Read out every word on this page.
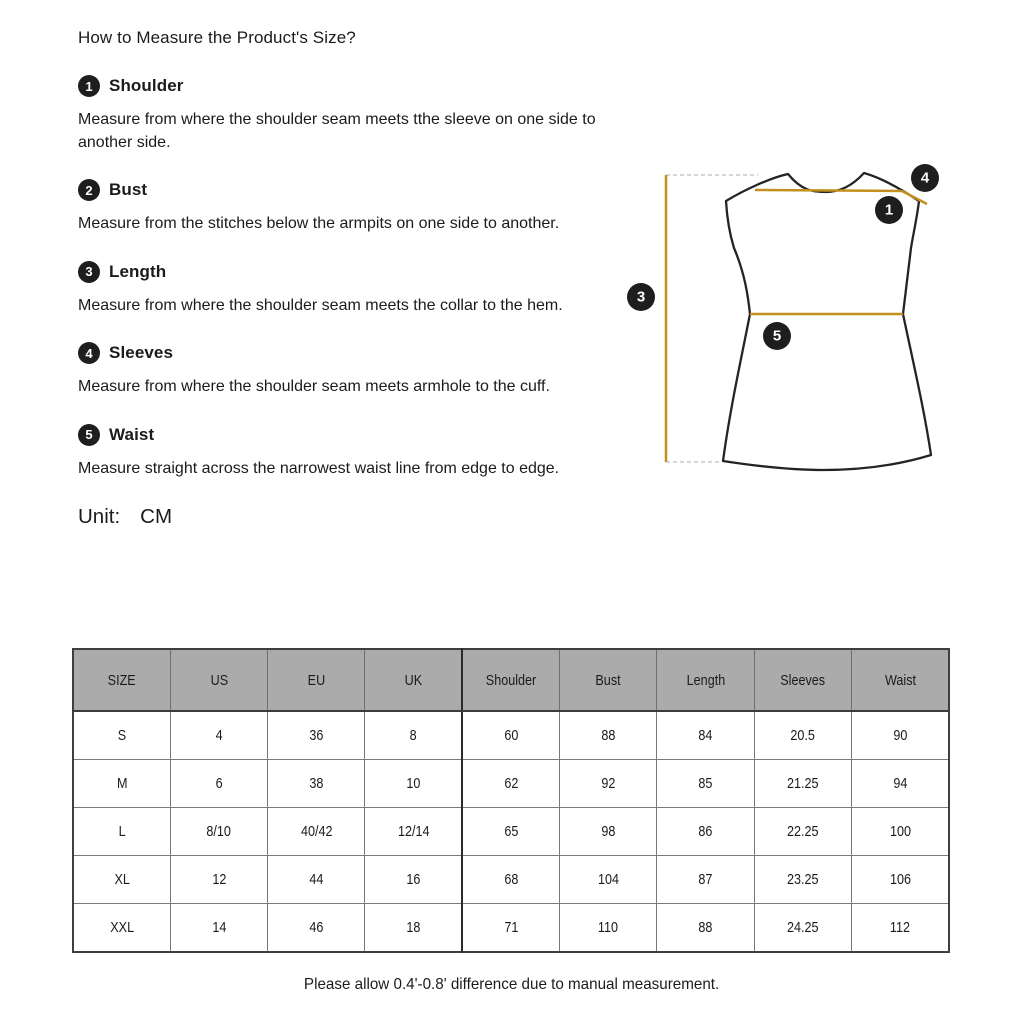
How to Measure the Product's Size?
1 Shoulder

Measure from where the shoulder seam meets tthe sleeve on one side to another side.

2 Bust

Measure from the stitches below the armpits on one side to another.

3 Length

Measure from where the shoulder seam meets the collar to the hem.

4 Sleeves

Measure from where the shoulder seam meets armhole to the cuff.

5 Waist

Measure straight across the narrowest waist line from edge to edge.

Unit: CM
4
1
3
5
SIZE	US	EU	UK	Shoulder	Bust	Length	Sleeves	Waist
S	4	36	8	60	88	84	20.5	90
M	6	38	10	62	92	85	21.25	94
L	8/10	40/42	12/14	65	98	86	22.25	100
XL	12	44	16	68	104	87	23.25	106
XXL	14	46	18	71	110	88	24.25	112
Please allow 0.4'-0.8' difference due to manual measurement.
